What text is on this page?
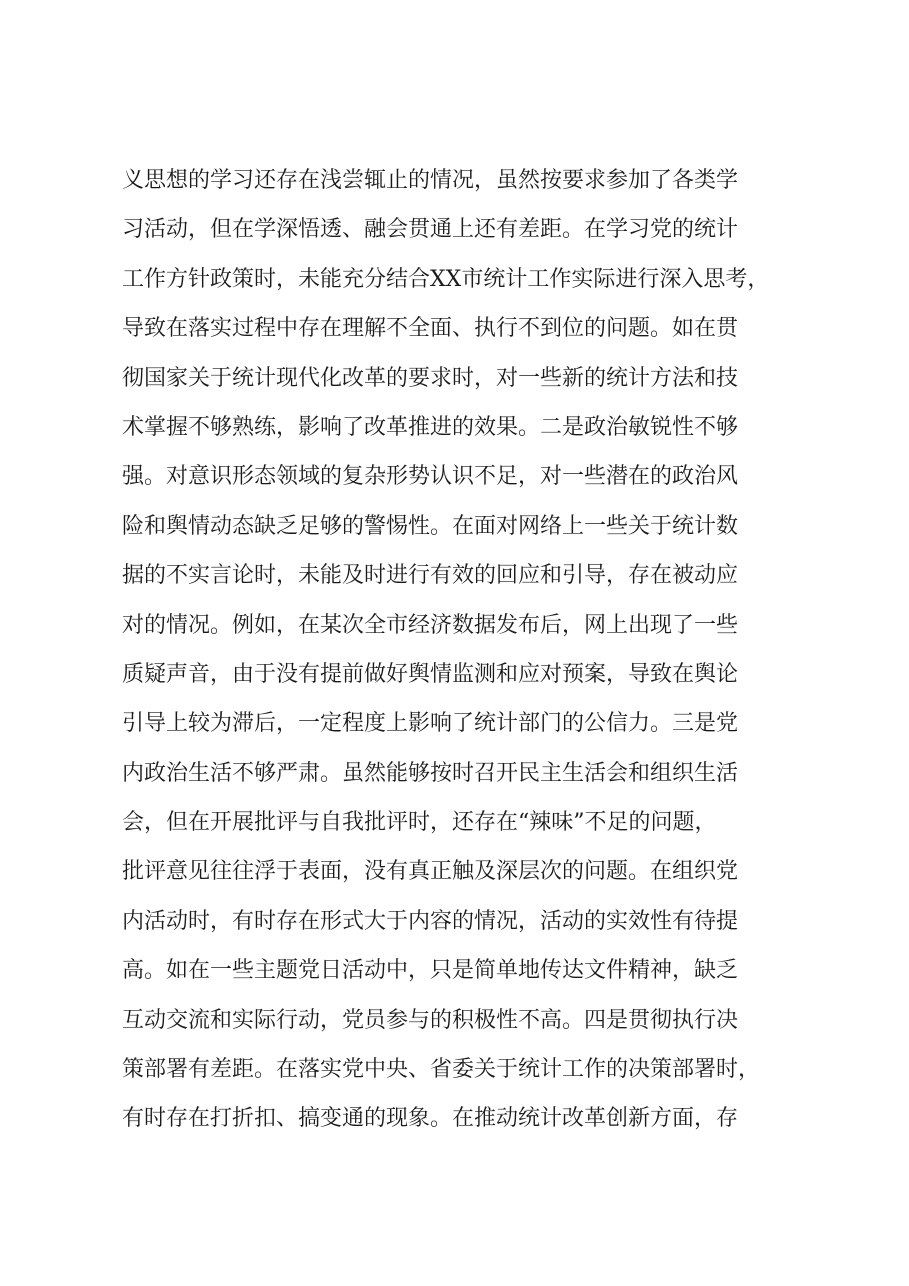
义思想的学习还存在浅尝辄止的情况，虽然按要求参加了各类学
习活动，但在学深悟透、融会贯通上还有差距。在学习党的统计
工作方针政策时，未能充分结合XX市统计工作实际进行深入思考，
导致在落实过程中存在理解不全面、执行不到位的问题。如在贯
彻国家关于统计现代化改革的要求时，对一些新的统计方法和技
术掌握不够熟练，影响了改革推进的效果。二是政治敏锐性不够
强。对意识形态领域的复杂形势认识不足，对一些潜在的政治风
险和舆情动态缺乏足够的警惕性。在面对网络上一些关于统计数
据的不实言论时，未能及时进行有效的回应和引导，存在被动应
对的情况。例如，在某次全市经济数据发布后，网上出现了一些
质疑声音，由于没有提前做好舆情监测和应对预案，导致在舆论
引导上较为滞后，一定程度上影响了统计部门的公信力。三是党
内政治生活不够严肃。虽然能够按时召开民主生活会和组织生活
会，但在开展批评与自我批评时，还存在“辣味”不足的问题，
批评意见往往浮于表面，没有真正触及深层次的问题。在组织党
内活动时，有时存在形式大于内容的情况，活动的实效性有待提
高。如在一些主题党日活动中，只是简单地传达文件精神，缺乏
互动交流和实际行动，党员参与的积极性不高。四是贯彻执行决
策部署有差距。在落实党中央、省委关于统计工作的决策部署时，
有时存在打折扣、搞变通的现象。在推动统计改革创新方面，存
